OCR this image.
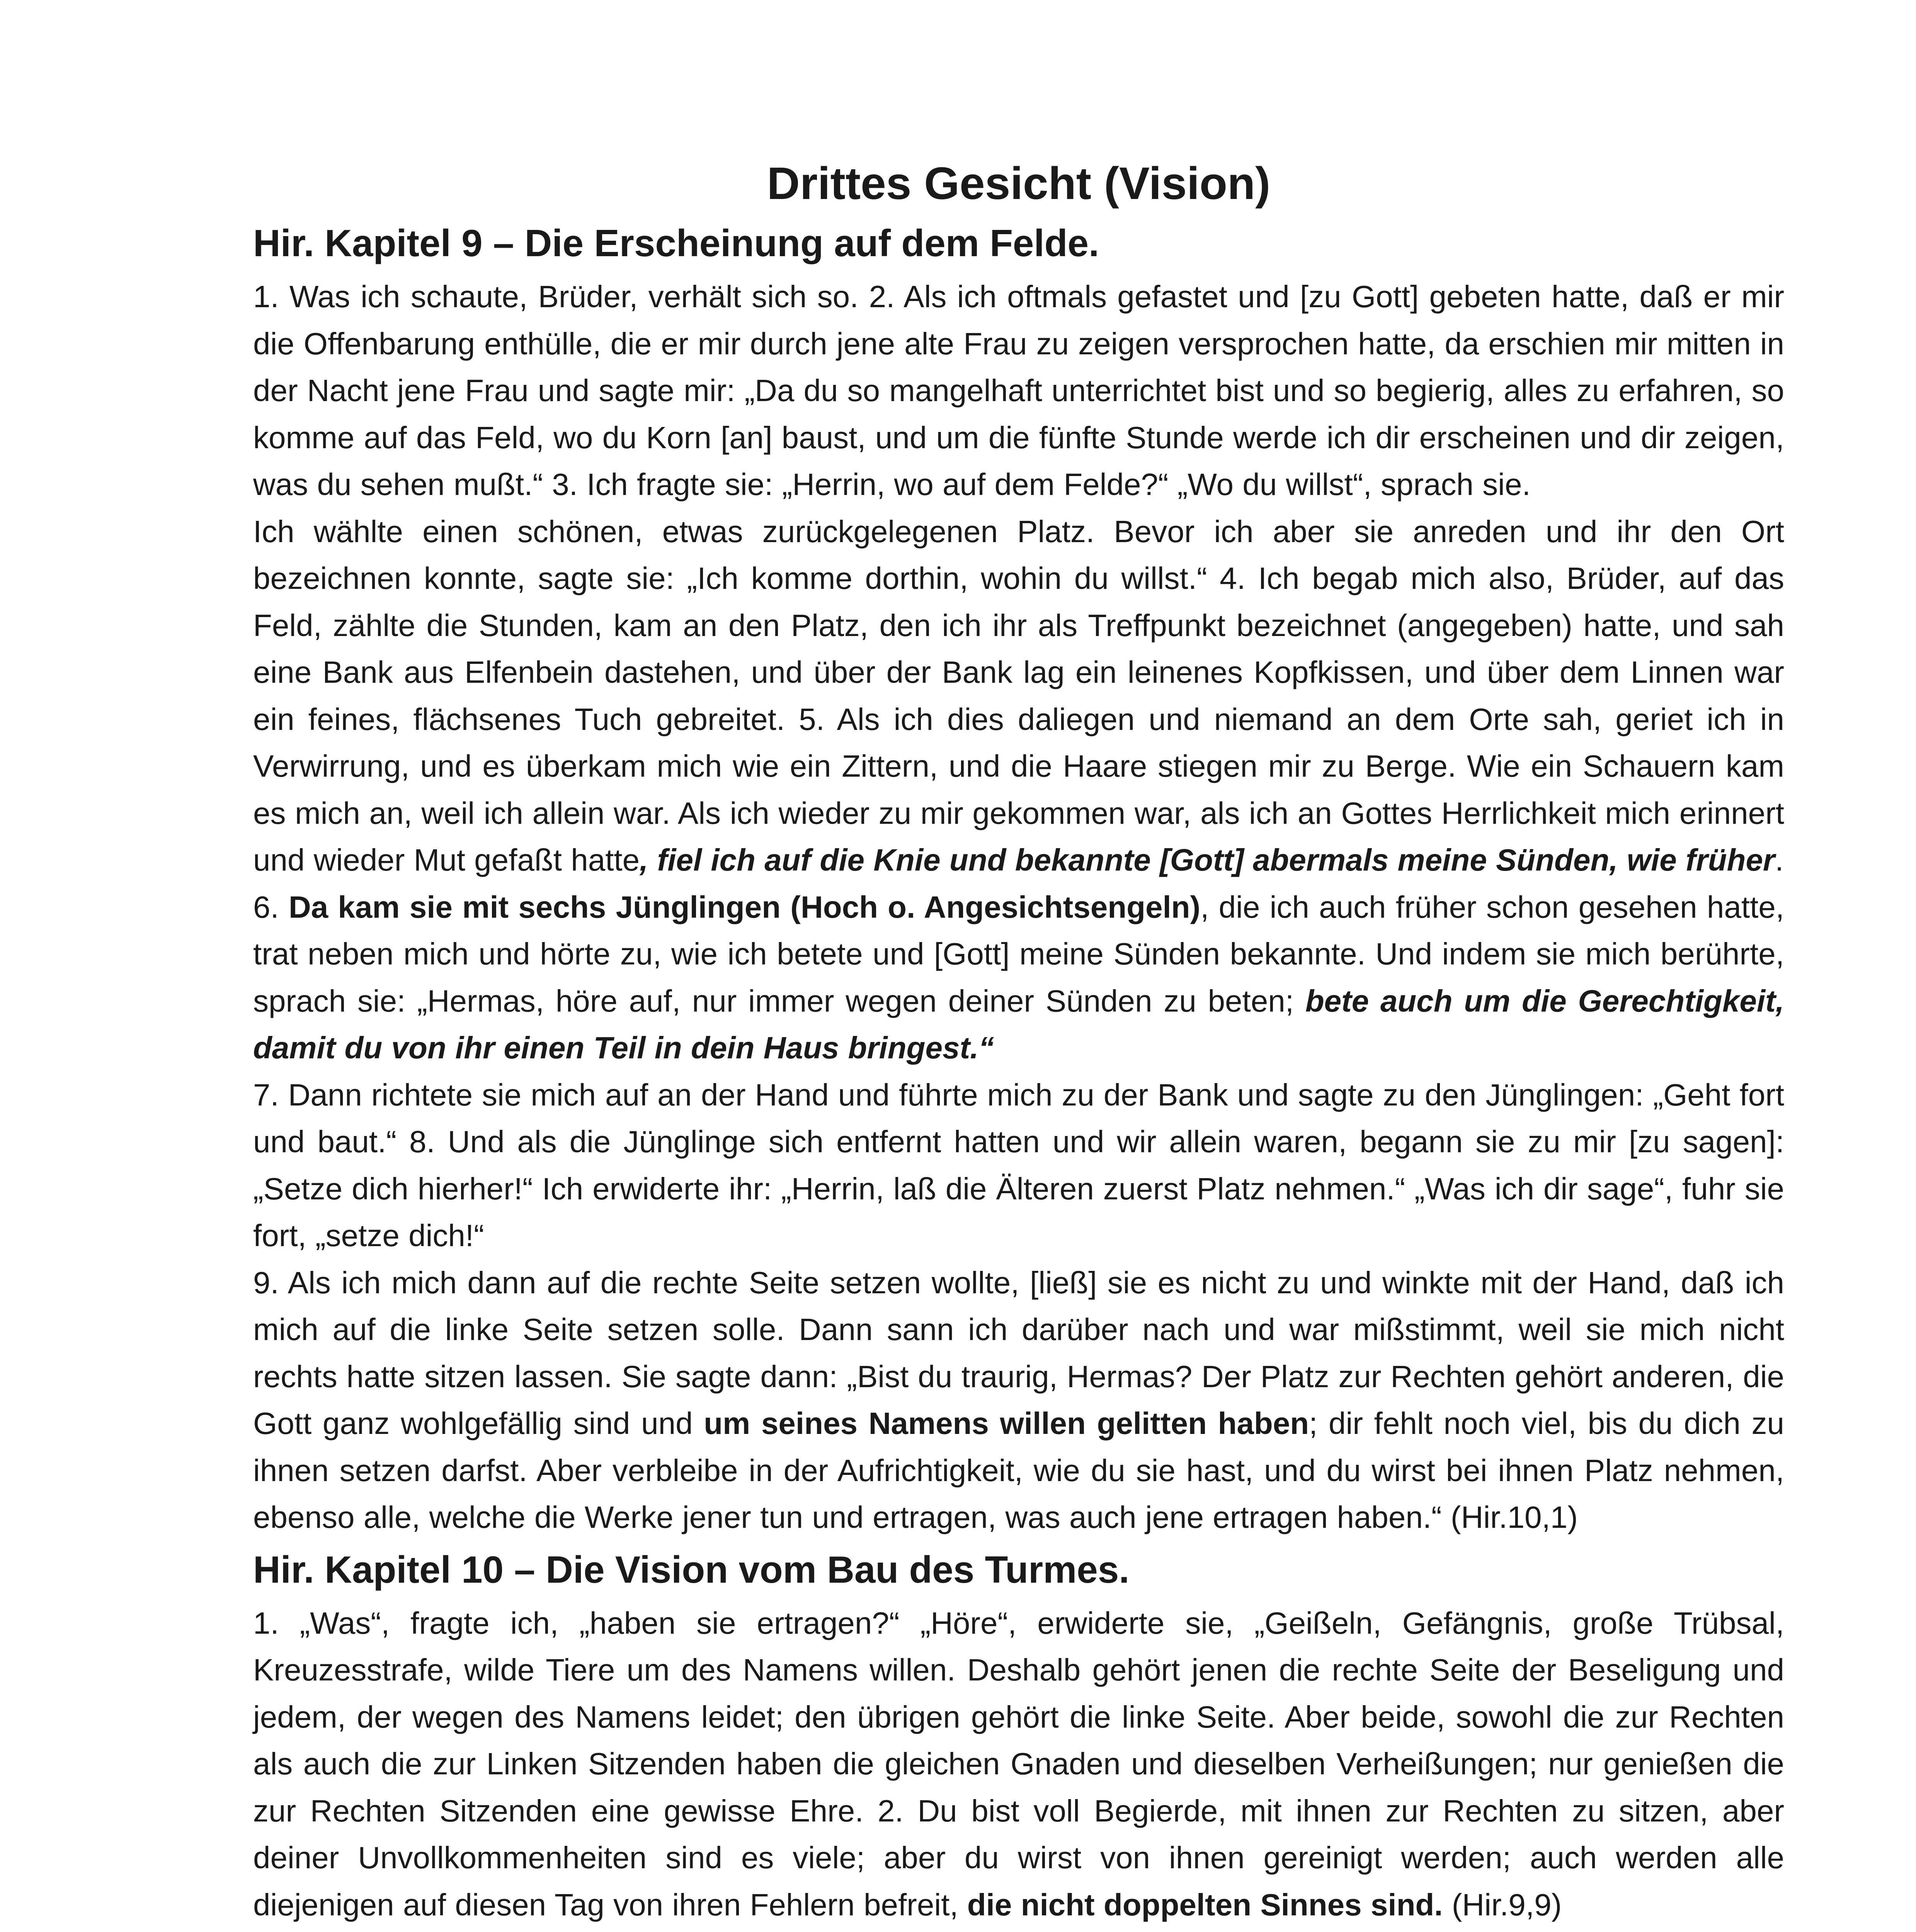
Drittes Gesicht (Vision)
Hir. Kapitel 9 – Die Erscheinung auf dem Felde.

1. Was ich schaute, Brüder, verhält sich so. 2. Als ich oftmals gefastet und [zu Gott] gebeten hatte, daß er mir die Offenbarung enthülle, die er mir durch jene alte Frau zu zeigen versprochen hatte, da erschien mir mitten in der Nacht jene Frau und sagte mir: „Da du so mangelhaft unterrichtet bist und so begierig, alles zu erfahren, so komme auf das Feld, wo du Korn [an] baust, und um die fünfte Stunde werde ich dir erscheinen und dir zeigen, was du sehen mußt.“ 3. Ich fragte sie: „Herrin, wo auf dem Felde?“ „Wo du willst“, sprach sie.

Ich wählte einen schönen, etwas zurückgelegenen Platz. Bevor ich aber sie anreden und ihr den Ort bezeichnen konnte, sagte sie: „Ich komme dorthin, wohin du willst.“ 4. Ich begab mich also, Brüder, auf das Feld, zählte die Stunden, kam an den Platz, den ich ihr als Treffpunkt bezeichnet (angegeben) hatte, und sah eine Bank aus Elfenbein dastehen, und über der Bank lag ein leinenes Kopfkissen, und über dem Linnen war ein feines, flächsenes Tuch gebreitet. 5. Als ich dies daliegen und niemand an dem Orte sah, geriet ich in Verwirrung, und es überkam mich wie ein Zittern, und die Haare stiegen mir zu Berge. Wie ein Schauern kam es mich an, weil ich allein war. Als ich wieder zu mir gekommen war, als ich an Gottes Herrlichkeit mich erinnert und wieder Mut gefaßt hatte, fiel ich auf die Knie und bekannte [Gott] abermals meine Sünden, wie früher.

6. Da kam sie mit sechs Jünglingen (Hoch o. Angesichtsengeln), die ich auch früher schon gesehen hatte, trat neben mich und hörte zu, wie ich betete und [Gott] meine Sünden bekannte. Und indem sie mich berührte, sprach sie: „Hermas, höre auf, nur immer wegen deiner Sünden zu beten; bete auch um die Gerechtigkeit, damit du von ihr einen Teil in dein Haus bringest.“

7. Dann richtete sie mich auf an der Hand und führte mich zu der Bank und sagte zu den Jünglingen: „Geht fort und baut.“ 8. Und als die Jünglinge sich entfernt hatten und wir allein waren, begann sie zu mir [zu sagen]: „Setze dich hierher!“ Ich erwiderte ihr: „Herrin, laß die Älteren zuerst Platz nehmen.“ „Was ich dir sage“, fuhr sie fort, „setze dich!“

9. Als ich mich dann auf die rechte Seite setzen wollte, [ließ] sie es nicht zu und winkte mit der Hand, daß ich mich auf die linke Seite setzen solle. Dann sann ich darüber nach und war mißstimmt, weil sie mich nicht rechts hatte sitzen lassen. Sie sagte dann: „Bist du traurig, Hermas? Der Platz zur Rechten gehört anderen, die Gott ganz wohlgefällig sind und um seines Namens willen gelitten haben; dir fehlt noch viel, bis du dich zu ihnen setzen darfst. Aber verbleibe in der Aufrichtigkeit, wie du sie hast, und du wirst bei ihnen Platz nehmen, ebenso alle, welche die Werke jener tun und ertragen, was auch jene ertragen haben.“ (Hir.10,1)

Hir. Kapitel 10 – Die Vision vom Bau des Turmes.

1. „Was“, fragte ich, „haben sie ertragen?“ „Höre“, erwiderte sie, „Geißeln, Gefängnis, große Trübsal, Kreuzesstrafe, wilde Tiere um des Namens willen. Deshalb gehört jenen die rechte Seite der Beseligung und jedem, der wegen des Namens leidet; den übrigen gehört die linke Seite. Aber beide, sowohl die zur Rechten als auch die zur Linken Sitzenden haben die gleichen Gnaden und dieselben Verheißungen; nur genießen die zur Rechten Sitzenden eine gewisse Ehre. 2. Du bist voll Begierde, mit ihnen zur Rechten zu sitzen, aber deiner Unvollkommenheiten sind es viele; aber du wirst von ihnen gereinigt werden; auch werden alle diejenigen auf diesen Tag von ihren Fehlern befreit, die nicht doppelten Sinnes sind. (Hir.9,9)
